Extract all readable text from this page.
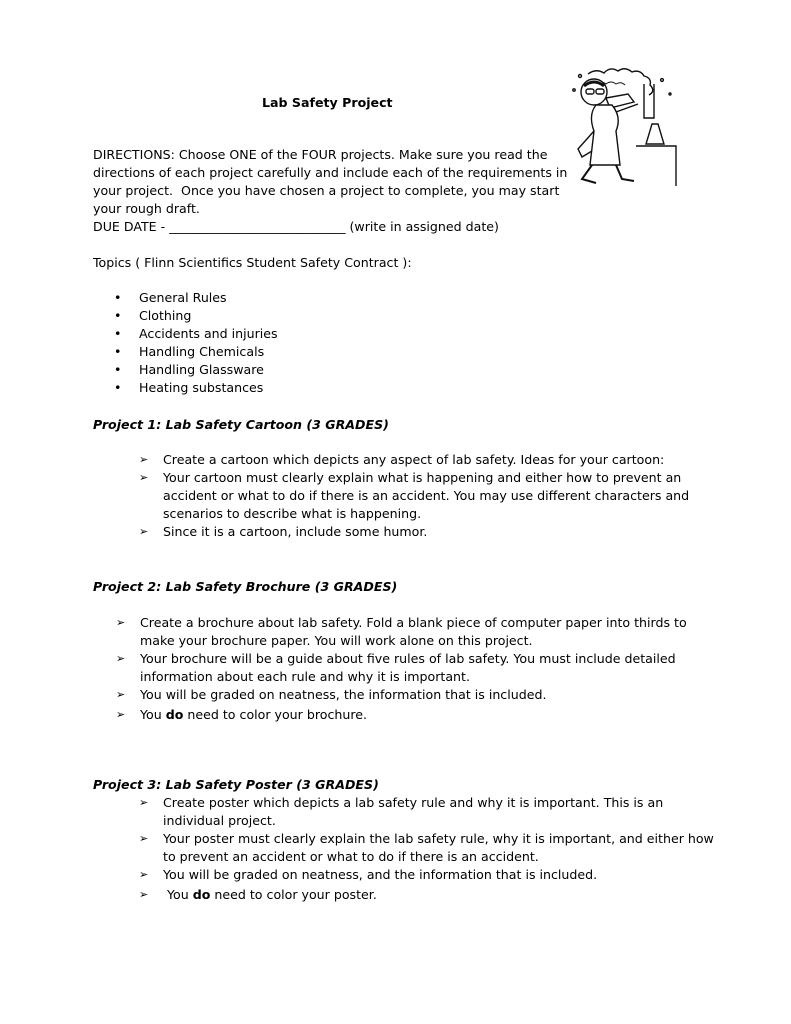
Lab Safety Project
DIRECTIONS: Choose ONE of the FOUR projects. Make sure you read the
directions of each project carefully and include each of the requirements in
your project.  Once you have chosen a project to complete, you may start
your rough draft.
DUE DATE - ____________________________ (write in assigned date)
Topics ( Flinn Scientifics Student Safety Contract ):
• General Rules
• Clothing
• Accidents and injuries
• Handling Chemicals
• Handling Glassware
• Heating substances
Project 1: Lab Safety Cartoon (3 GRADES)
➢ Create a cartoon which depicts any aspect of lab safety. Ideas for your cartoon:
➢ Your cartoon must clearly explain what is happening and either how to prevent an
accident or what to do if there is an accident. You may use different characters and
scenarios to describe what is happening.
➢ Since it is a cartoon, include some humor.
Project 2: Lab Safety Brochure (3 GRADES)
➢ Create a brochure about lab safety. Fold a blank piece of computer paper into thirds to
make your brochure paper. You will work alone on this project.
➢ Your brochure will be a guide about five rules of lab safety. You must include detailed
information about each rule and why it is important.
➢ You will be graded on neatness, the information that is included.
➢ You do need to color your brochure.
Project 3: Lab Safety Poster (3 GRADES)
➢ Create poster which depicts a lab safety rule and why it is important. This is an
individual project.
➢ Your poster must clearly explain the lab safety rule, why it is important, and either how
to prevent an accident or what to do if there is an accident.
➢ You will be graded on neatness, and the information that is included.
➢  You do need to color your poster.
